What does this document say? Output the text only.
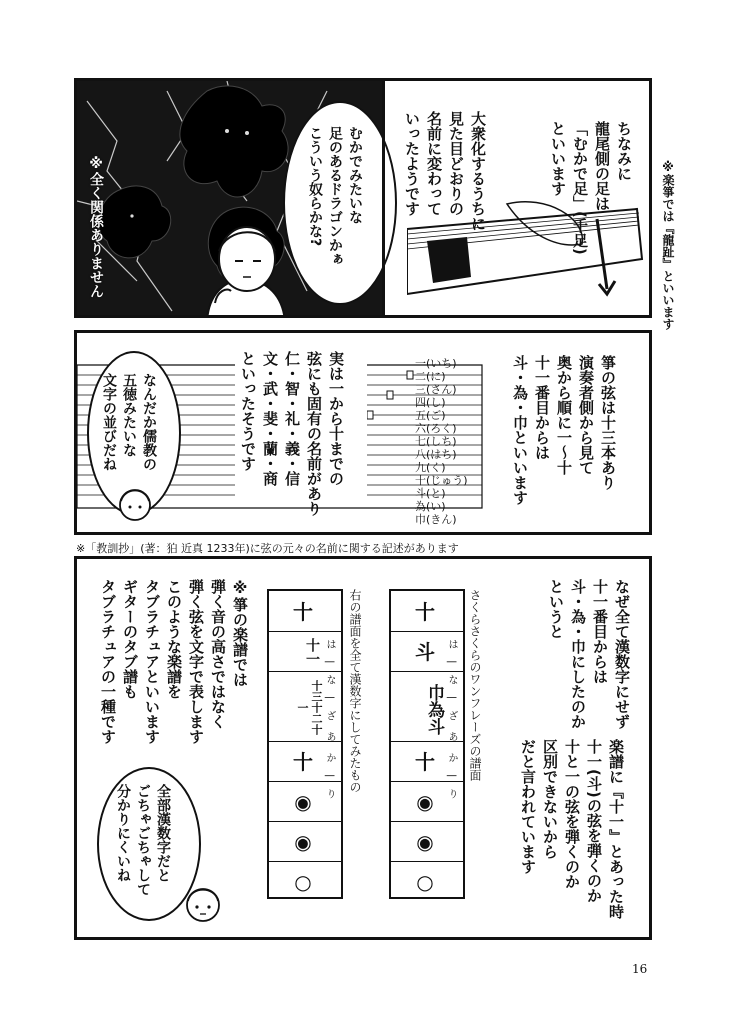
むかでみたいな
足のあるドラゴンかぁ
こういう奴らかな?
※全く関係ありません
ちなみに
龍尾側の足は
「むかで足」(千足)
といいます
大衆化するうちに
見た目どおりの
名前に変わって
いったようです	※楽箏では『龍趾』といいます
なんだか儒教の
五徳みたいな
文字の並びだね	実は一から十までの
弦にも固有の名前があり
仁・智・礼・義・信
文・武・斐・蘭・商
といったそうです	一(いち)
二(に)
三(さん)
四(し)
五(ご)
六(ろく)
七(しち)
八(はち)
九(く)
十(じゅう)
斗(と)
為(い)
巾(きん)
箏の弦は十三本あり
演奏者側から見て
奥から順に一〜十
十一番目からは
斗・為・巾といいます
※「教訓抄」(著：狛 近真 1233年)に弦の元々の名前に関する記述があります
なぜ全て漢数字にせず
十一番目からは
斗・為・巾にしたのか
というと
楽譜に『十一』とあった時
十一(斗)の弦を弾くのか
十と一の弦を弾くのか
区別できないから
だと言われています
さくらさくらのワンフレーズの譜面
右の譜面を全て漢数字にしてみたもの	十
斗
巾為斗
十
◉
◉
○
は | な | ざ あ か | り
十
十一
十三十二十一
十
◉
◉
○
は | な | ざ あ か | り
※箏の楽譜では
弾く音の高さではなく
弾く弦を文字で表します
このような楽譜を
タブラチュアといいます
ギターのタブ譜も
タブラチュアの一種です
全部漢数字だと
ごちゃごちゃして
分かりにくいね
16
